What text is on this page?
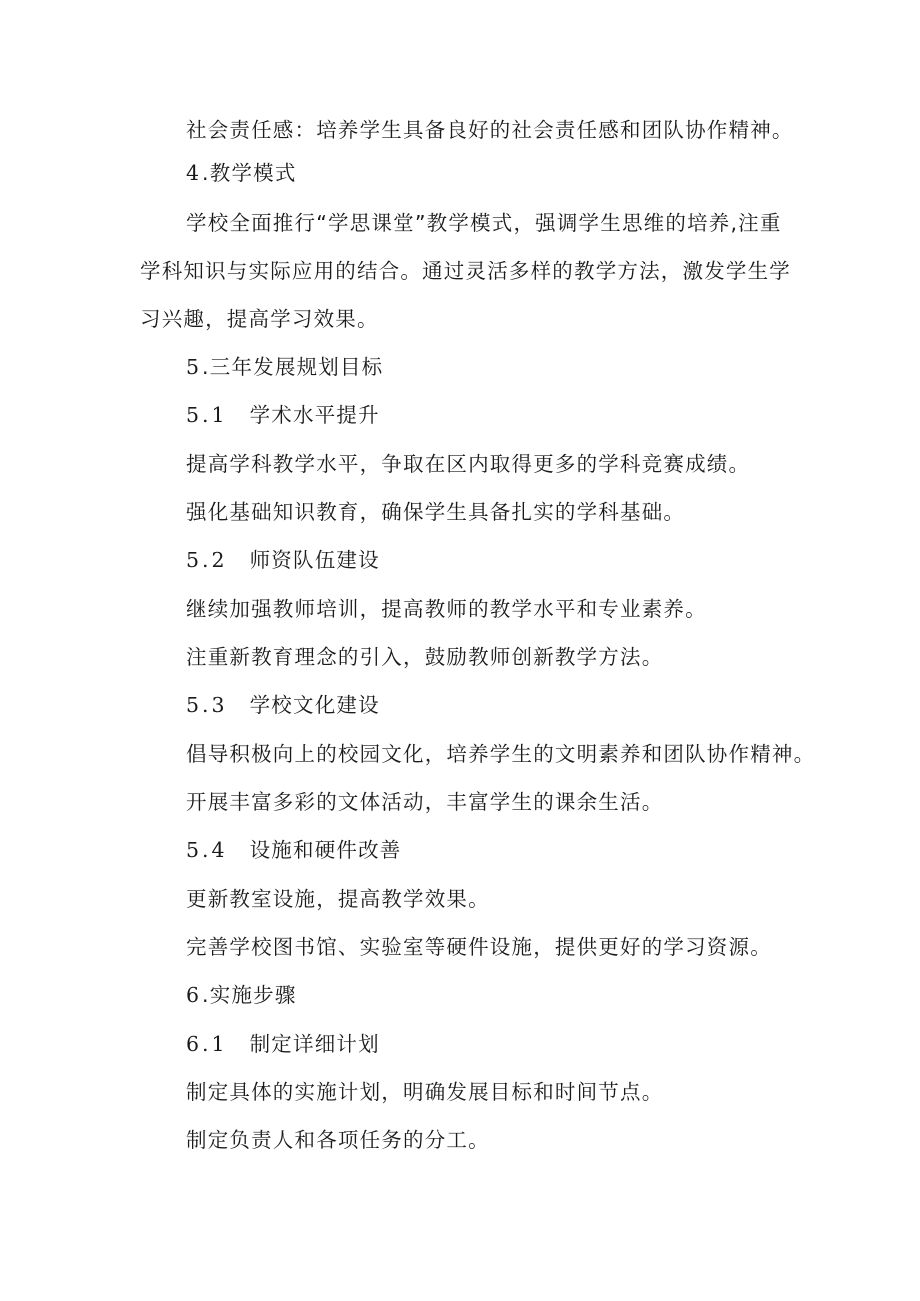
社会责任感：培养学生具备良好的社会责任感和团队协作精神。
4.教学模式
学校全面推行“学思课堂”教学模式，强调学生思维的培养,注重
学科知识与实际应用的结合。通过灵活多样的教学方法，激发学生学
习兴趣，提高学习效果。
5.三年发展规划目标
5.1 学术水平提升
提高学科教学水平，争取在区内取得更多的学科竞赛成绩。
强化基础知识教育，确保学生具备扎实的学科基础。
5.2 师资队伍建设
继续加强教师培训，提高教师的教学水平和专业素养。
注重新教育理念的引入，鼓励教师创新教学方法。
5.3 学校文化建设
倡导积极向上的校园文化，培养学生的文明素养和团队协作精神。
开展丰富多彩的文体活动，丰富学生的课余生活。
5.4 设施和硬件改善
更新教室设施，提高教学效果。
完善学校图书馆、实验室等硬件设施，提供更好的学习资源。
6.实施步骤
6.1 制定详细计划
制定具体的实施计划，明确发展目标和时间节点。
制定负责人和各项任务的分工。
